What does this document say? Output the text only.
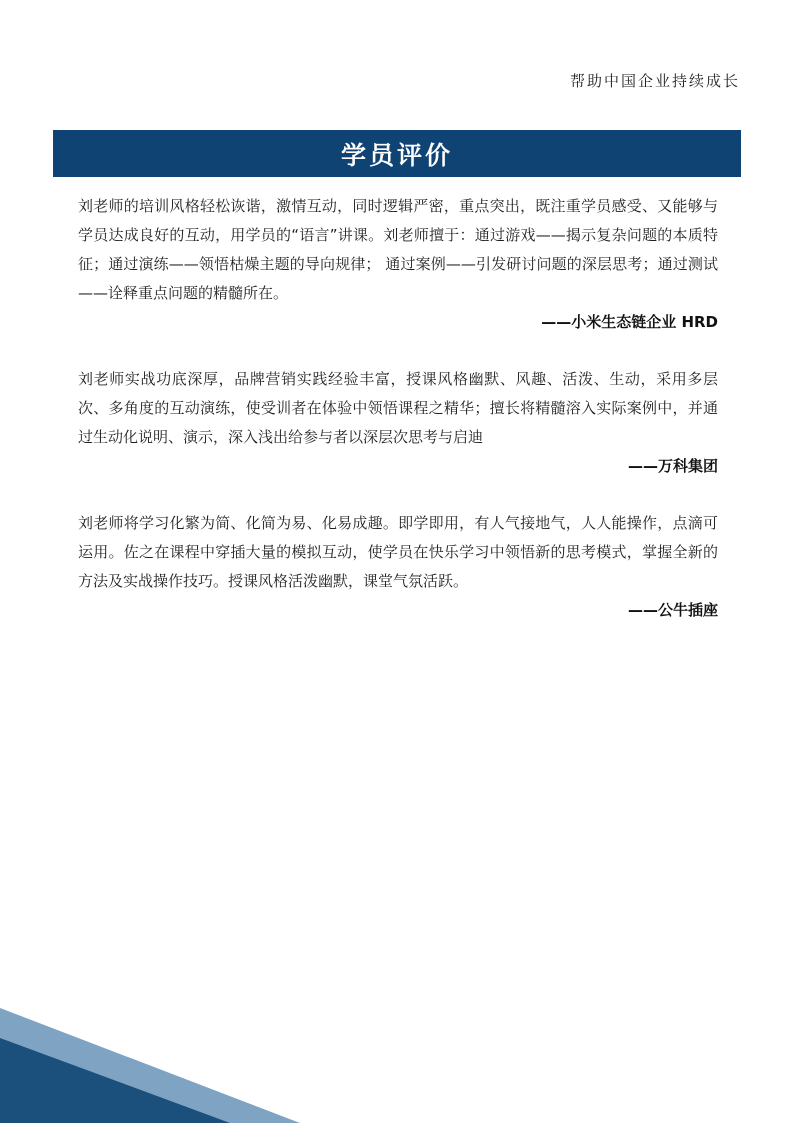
帮助中国企业持续成长
学员评价

刘老师的培训风格轻松诙谐，激情互动，同时逻辑严密，重点突出，既注重学员感受、又能够与学员达成良好的互动，用学员的“语言”讲课。刘老师擅于：通过游戏——揭示复杂问题的本质特征；通过演练——领悟枯燥主题的导向规律； 通过案例——引发研讨问题的深层思考；通过测试——诠释重点问题的精髓所在。

——小米生态链企业 HRD

刘老师实战功底深厚，品牌营销实践经验丰富，授课风格幽默、风趣、活泼、生动，采用多层次、多角度的互动演练，使受训者在体验中领悟课程之精华；擅长将精髓溶入实际案例中，并通过生动化说明、演示，深入浅出给参与者以深层次思考与启迪

——万科集团

刘老师将学习化繁为简、化简为易、化易成趣。即学即用，有人气接地气，人人能操作，点滴可运用。佐之在课程中穿插大量的模拟互动，使学员在快乐学习中领悟新的思考模式，掌握全新的方法及实战操作技巧。授课风格活泼幽默，课堂气氛活跃。

——公牛插座
